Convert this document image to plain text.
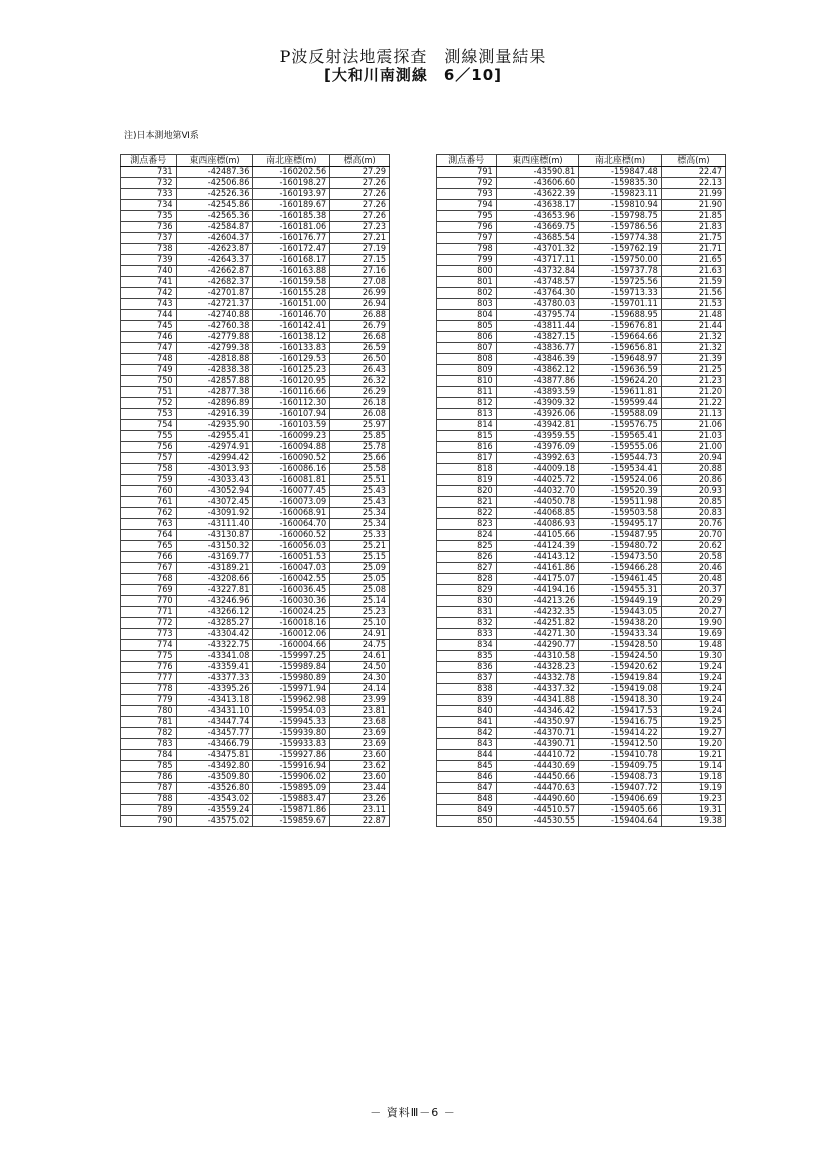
P波反射法地震探査　測線測量結果
[大和川南測線　6／10]
注)日本測地第Ⅵ系
測点番号	東西座標(m)	南北座標(m)	標高(m)
731	-42487.36	-160202.56	27.29
732	-42506.86	-160198.27	27.26
733	-42526.36	-160193.97	27.26
734	-42545.86	-160189.67	27.26
735	-42565.36	-160185.38	27.26
736	-42584.87	-160181.06	27.23
737	-42604.37	-160176.77	27.21
738	-42623.87	-160172.47	27.19
739	-42643.37	-160168.17	27.15
740	-42662.87	-160163.88	27.16
741	-42682.37	-160159.58	27.08
742	-42701.87	-160155.28	26.99
743	-42721.37	-160151.00	26.94
744	-42740.88	-160146.70	26.88
745	-42760.38	-160142.41	26.79
746	-42779.88	-160138.12	26.68
747	-42799.38	-160133.83	26.59
748	-42818.88	-160129.53	26.50
749	-42838.38	-160125.23	26.43
750	-42857.88	-160120.95	26.32
751	-42877.38	-160116.66	26.29
752	-42896.89	-160112.30	26.18
753	-42916.39	-160107.94	26.08
754	-42935.90	-160103.59	25.97
755	-42955.41	-160099.23	25.85
756	-42974.91	-160094.88	25.78
757	-42994.42	-160090.52	25.66
758	-43013.93	-160086.16	25.58
759	-43033.43	-160081.81	25.51
760	-43052.94	-160077.45	25.43
761	-43072.45	-160073.09	25.43
762	-43091.92	-160068.91	25.34
763	-43111.40	-160064.70	25.34
764	-43130.87	-160060.52	25.33
765	-43150.32	-160056.03	25.21
766	-43169.77	-160051.53	25.15
767	-43189.21	-160047.03	25.09
768	-43208.66	-160042.55	25.05
769	-43227.81	-160036.45	25.08
770	-43246.96	-160030.36	25.14
771	-43266.12	-160024.25	25.23
772	-43285.27	-160018.16	25.10
773	-43304.42	-160012.06	24.91
774	-43322.75	-160004.66	24.75
775	-43341.08	-159997.25	24.61
776	-43359.41	-159989.84	24.50
777	-43377.33	-159980.89	24.30
778	-43395.26	-159971.94	24.14
779	-43413.18	-159962.98	23.99
780	-43431.10	-159954.03	23.81
781	-43447.74	-159945.33	23.68
782	-43457.77	-159939.80	23.69
783	-43466.79	-159933.83	23.69
784	-43475.81	-159927.86	23.60
785	-43492.80	-159916.94	23.62
786	-43509.80	-159906.02	23.60
787	-43526.80	-159895.09	23.44
788	-43543.02	-159883.47	23.26
789	-43559.24	-159871.86	23.11
790	-43575.02	-159859.67	22.87
測点番号	東西座標(m)	南北座標(m)	標高(m)
791	-43590.81	-159847.48	22.47
792	-43606.60	-159835.30	22.13
793	-43622.39	-159823.11	21.99
794	-43638.17	-159810.94	21.90
795	-43653.96	-159798.75	21.85
796	-43669.75	-159786.56	21.83
797	-43685.54	-159774.38	21.75
798	-43701.32	-159762.19	21.71
799	-43717.11	-159750.00	21.65
800	-43732.84	-159737.78	21.63
801	-43748.57	-159725.56	21.59
802	-43764.30	-159713.33	21.56
803	-43780.03	-159701.11	21.53
804	-43795.74	-159688.95	21.48
805	-43811.44	-159676.81	21.44
806	-43827.15	-159664.66	21.32
807	-43836.77	-159656.81	21.32
808	-43846.39	-159648.97	21.39
809	-43862.12	-159636.59	21.25
810	-43877.86	-159624.20	21.23
811	-43893.59	-159611.81	21.20
812	-43909.32	-159599.44	21.22
813	-43926.06	-159588.09	21.13
814	-43942.81	-159576.75	21.06
815	-43959.55	-159565.41	21.03
816	-43976.09	-159555.06	21.00
817	-43992.63	-159544.73	20.94
818	-44009.18	-159534.41	20.88
819	-44025.72	-159524.06	20.86
820	-44032.70	-159520.39	20.93
821	-44050.78	-159511.98	20.85
822	-44068.85	-159503.58	20.83
823	-44086.93	-159495.17	20.76
824	-44105.66	-159487.95	20.70
825	-44124.39	-159480.72	20.62
826	-44143.12	-159473.50	20.58
827	-44161.86	-159466.28	20.46
828	-44175.07	-159461.45	20.48
829	-44194.16	-159455.31	20.37
830	-44213.26	-159449.19	20.29
831	-44232.35	-159443.05	20.27
832	-44251.82	-159438.20	19.90
833	-44271.30	-159433.34	19.69
834	-44290.77	-159428.50	19.48
835	-44310.58	-159424.50	19.30
836	-44328.23	-159420.62	19.24
837	-44332.78	-159419.84	19.24
838	-44337.32	-159419.08	19.24
839	-44341.88	-159418.30	19.24
840	-44346.42	-159417.53	19.24
841	-44350.97	-159416.75	19.25
842	-44370.71	-159414.22	19.27
843	-44390.71	-159412.50	19.20
844	-44410.72	-159410.78	19.21
845	-44430.69	-159409.75	19.14
846	-44450.66	-159408.73	19.18
847	-44470.63	-159407.72	19.19
848	-44490.60	-159406.69	19.23
849	-44510.57	-159405.66	19.31
850	-44530.55	-159404.64	19.38
－ 資料Ⅲ－6 －
